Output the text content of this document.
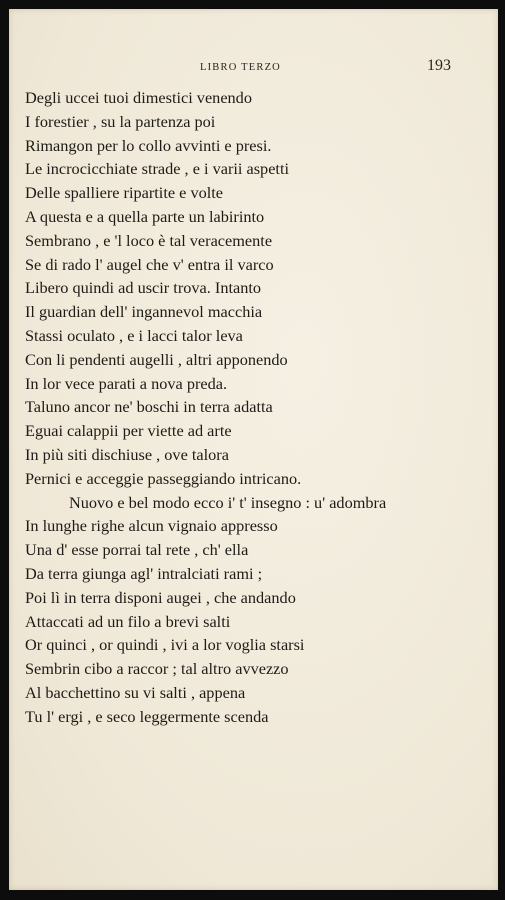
LIBRO TERZO	193
Degli uccei tuoi dimestici venendo
I forestier , su la partenza poi
Rimangon per lo collo avvinti e presi.
Le incrocicchiate strade , e i varii aspetti
Delle spalliere ripartite e volte
A questa e a quella parte un labirinto
Sembrano , e 'l loco è tal veracemente
Se di rado l' augel che v' entra il varco
Libero quindi ad uscir trova. Intanto
Il guardian dell' ingannevol macchia
Stassi oculato , e i lacci talor leva
Con li pendenti augelli , altri apponendo
In lor vece parati a nova preda.
Taluno ancor ne' boschi in terra adatta
Eguai calappii per viette ad arte
In più siti dischiuse , ove talora
Pernici e acceggie passeggiando intricano.
Nuovo e bel modo ecco i' t' insegno : u' adombra
In lunghe righe alcun vignaio appresso
Una d' esse porrai tal rete , ch' ella
Da terra giunga agl' intralciati rami ;
Poi lì in terra disponi augei , che andando
Attaccati ad un filo a brevi salti
Or quinci , or quindi , ivi a lor voglia starsi
Sembrin cibo a raccor ; tal altro avvezzo
Al bacchettino su vi salti , appena
Tu l' ergi , e seco leggermente scenda
